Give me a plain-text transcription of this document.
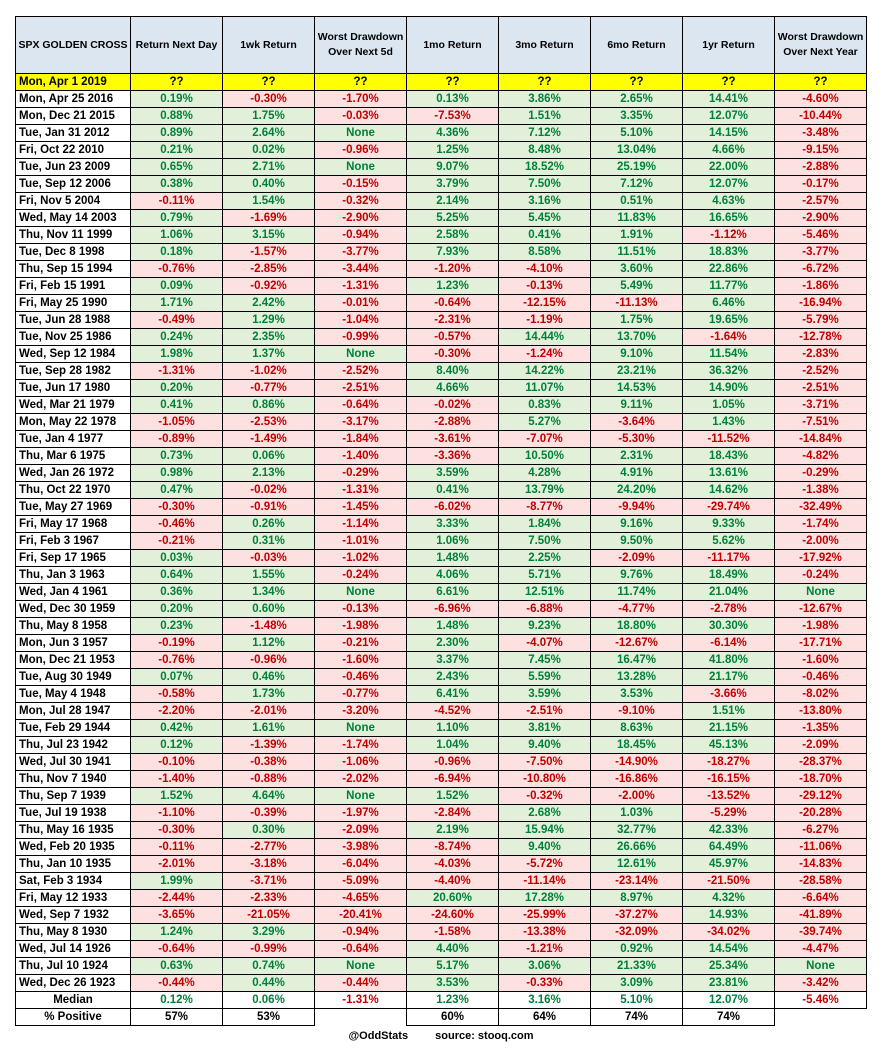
SPX GOLDEN CROSS	Return Next Day	1wk Return	Worst Drawdown Over Next 5d	1mo Return	3mo Return	6mo Return	1yr Return	Worst Drawdown Over Next Year
Mon, Apr 1 2019	??	??	??	??	??	??	??	??
Mon, Apr 25 2016	0.19%	-0.30%	-1.70%	0.13%	3.86%	2.65%	14.41%	-4.60%
Mon, Dec 21 2015	0.88%	1.75%	-0.03%	-7.53%	1.51%	3.35%	12.07%	-10.44%
Tue, Jan 31 2012	0.89%	2.64%	None	4.36%	7.12%	5.10%	14.15%	-3.48%
Fri, Oct 22 2010	0.21%	0.02%	-0.96%	1.25%	8.48%	13.04%	4.66%	-9.15%
Tue, Jun 23 2009	0.65%	2.71%	None	9.07%	18.52%	25.19%	22.00%	-2.88%
Tue, Sep 12 2006	0.38%	0.40%	-0.15%	3.79%	7.50%	7.12%	12.07%	-0.17%
Fri, Nov 5 2004	-0.11%	1.54%	-0.32%	2.14%	3.16%	0.51%	4.63%	-2.57%
Wed, May 14 2003	0.79%	-1.69%	-2.90%	5.25%	5.45%	11.83%	16.65%	-2.90%
Thu, Nov 11 1999	1.06%	3.15%	-0.94%	2.58%	0.41%	1.91%	-1.12%	-5.46%
Tue, Dec 8 1998	0.18%	-1.57%	-3.77%	7.93%	8.58%	11.51%	18.83%	-3.77%
Thu, Sep 15 1994	-0.76%	-2.85%	-3.44%	-1.20%	-4.10%	3.60%	22.86%	-6.72%
Fri, Feb 15 1991	0.09%	-0.92%	-1.31%	1.23%	-0.13%	5.49%	11.77%	-1.86%
Fri, May 25 1990	1.71%	2.42%	-0.01%	-0.64%	-12.15%	-11.13%	6.46%	-16.94%
Tue, Jun 28 1988	-0.49%	1.29%	-1.04%	-2.31%	-1.19%	1.75%	19.65%	-5.79%
Tue, Nov 25 1986	0.24%	2.35%	-0.99%	-0.57%	14.44%	13.70%	-1.64%	-12.78%
Wed, Sep 12 1984	1.98%	1.37%	None	-0.30%	-1.24%	9.10%	11.54%	-2.83%
Tue, Sep 28 1982	-1.31%	-1.02%	-2.52%	8.40%	14.22%	23.21%	36.32%	-2.52%
Tue, Jun 17 1980	0.20%	-0.77%	-2.51%	4.66%	11.07%	14.53%	14.90%	-2.51%
Wed, Mar 21 1979	0.41%	0.86%	-0.64%	-0.02%	0.83%	9.11%	1.05%	-3.71%
Mon, May 22 1978	-1.05%	-2.53%	-3.17%	-2.88%	5.27%	-3.64%	1.43%	-7.51%
Tue, Jan 4 1977	-0.89%	-1.49%	-1.84%	-3.61%	-7.07%	-5.30%	-11.52%	-14.84%
Thu, Mar 6 1975	0.73%	0.06%	-1.40%	-3.36%	10.50%	2.31%	18.43%	-4.82%
Wed, Jan 26 1972	0.98%	2.13%	-0.29%	3.59%	4.28%	4.91%	13.61%	-0.29%
Thu, Oct 22 1970	0.47%	-0.02%	-1.31%	0.41%	13.79%	24.20%	14.62%	-1.38%
Tue, May 27 1969	-0.30%	-0.91%	-1.45%	-6.02%	-8.77%	-9.94%	-29.74%	-32.49%
Fri, May 17 1968	-0.46%	0.26%	-1.14%	3.33%	1.84%	9.16%	9.33%	-1.74%
Fri, Feb 3 1967	-0.21%	0.31%	-1.01%	1.06%	7.50%	9.50%	5.62%	-2.00%
Fri, Sep 17 1965	0.03%	-0.03%	-1.02%	1.48%	2.25%	-2.09%	-11.17%	-17.92%
Thu, Jan 3 1963	0.64%	1.55%	-0.24%	4.06%	5.71%	9.76%	18.49%	-0.24%
Wed, Jan 4 1961	0.36%	1.34%	None	6.61%	12.51%	11.74%	21.04%	None
Wed, Dec 30 1959	0.20%	0.60%	-0.13%	-6.96%	-6.88%	-4.77%	-2.78%	-12.67%
Thu, May 8 1958	0.23%	-1.48%	-1.98%	1.48%	9.23%	18.80%	30.30%	-1.98%
Mon, Jun 3 1957	-0.19%	1.12%	-0.21%	2.30%	-4.07%	-12.67%	-6.14%	-17.71%
Mon, Dec 21 1953	-0.76%	-0.96%	-1.60%	3.37%	7.45%	16.47%	41.80%	-1.60%
Tue, Aug 30 1949	0.07%	0.46%	-0.46%	2.43%	5.59%	13.28%	21.17%	-0.46%
Tue, May 4 1948	-0.58%	1.73%	-0.77%	6.41%	3.59%	3.53%	-3.66%	-8.02%
Mon, Jul 28 1947	-2.20%	-2.01%	-3.20%	-4.52%	-2.51%	-9.10%	1.51%	-13.80%
Tue, Feb 29 1944	0.42%	1.61%	None	1.10%	3.81%	8.63%	21.15%	-1.35%
Thu, Jul 23 1942	0.12%	-1.39%	-1.74%	1.04%	9.40%	18.45%	45.13%	-2.09%
Wed, Jul 30 1941	-0.10%	-0.38%	-1.06%	-0.96%	-7.50%	-14.90%	-18.27%	-28.37%
Thu, Nov 7 1940	-1.40%	-0.88%	-2.02%	-6.94%	-10.80%	-16.86%	-16.15%	-18.70%
Thu, Sep 7 1939	1.52%	4.64%	None	1.52%	-0.32%	-2.00%	-13.52%	-29.12%
Tue, Jul 19 1938	-1.10%	-0.39%	-1.97%	-2.84%	2.68%	1.03%	-5.29%	-20.28%
Thu, May 16 1935	-0.30%	0.30%	-2.09%	2.19%	15.94%	32.77%	42.33%	-6.27%
Wed, Feb 20 1935	-0.11%	-2.77%	-3.98%	-8.74%	9.40%	26.66%	64.49%	-11.06%
Thu, Jan 10 1935	-2.01%	-3.18%	-6.04%	-4.03%	-5.72%	12.61%	45.97%	-14.83%
Sat, Feb 3 1934	1.99%	-3.71%	-5.09%	-4.40%	-11.14%	-23.14%	-21.50%	-28.58%
Fri, May 12 1933	-2.44%	-2.33%	-4.65%	20.60%	17.28%	8.97%	4.32%	-6.64%
Wed, Sep 7 1932	-3.65%	-21.05%	-20.41%	-24.60%	-25.99%	-37.27%	14.93%	-41.89%
Thu, May 8 1930	1.24%	3.29%	-0.94%	-1.58%	-13.38%	-32.09%	-34.02%	-39.74%
Wed, Jul 14 1926	-0.64%	-0.99%	-0.64%	4.40%	-1.21%	0.92%	14.54%	-4.47%
Thu, Jul 10 1924	0.63%	0.74%	None	5.17%	3.06%	21.33%	25.34%	None
Wed, Dec 26 1923	-0.44%	0.44%	-0.44%	3.53%	-0.33%	3.09%	23.81%	-3.42%
Median	0.12%	0.06%	-1.31%	1.23%	3.16%	5.10%	12.07%	-5.46%
% Positive	57%	53%		60%	64%	74%	74%	
@OddStats source: stooq.com
